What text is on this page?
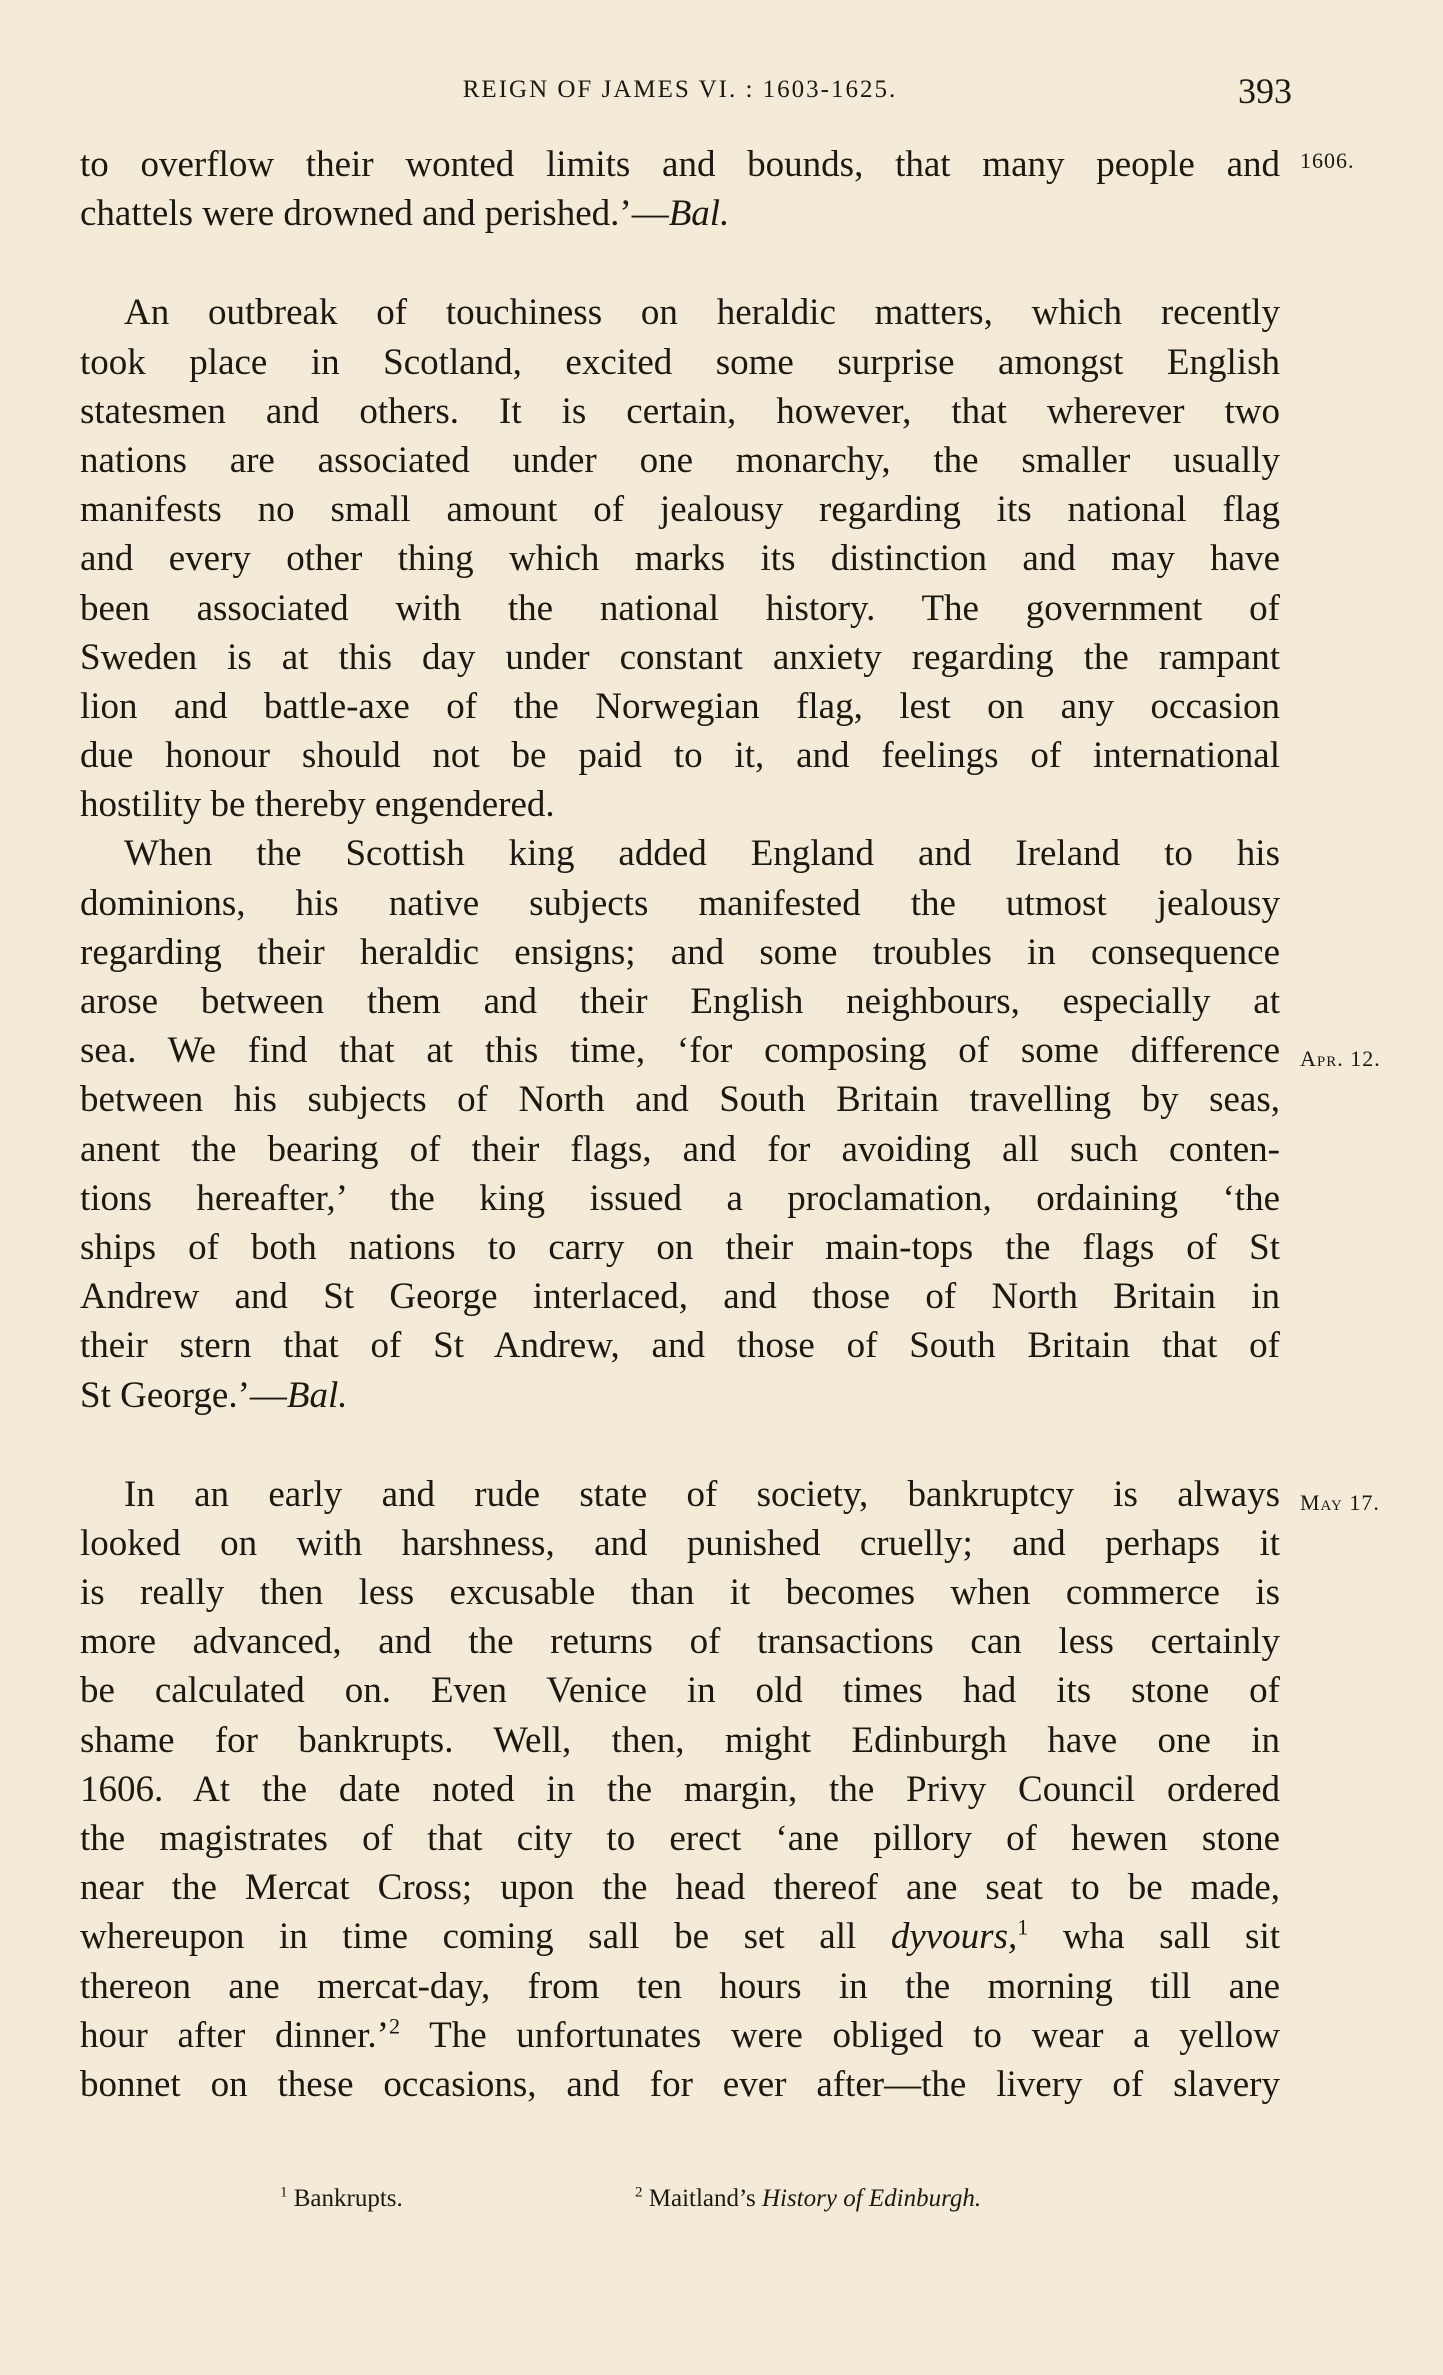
REIGN OF JAMES VI. : 1603-1625.	393
1606.
Apr. 12.
May 17.
to overflow their wonted limits and bounds, that many people and
chattels were drowned and perished.’—Bal.
An outbreak of touchiness on heraldic matters, which recently
took place in Scotland, excited some surprise amongst English
statesmen and others. It is certain, however, that wherever two
nations are associated under one monarchy, the smaller usually
manifests no small amount of jealousy regarding its national flag
and every other thing which marks its distinction and may have
been associated with the national history. The government of
Sweden is at this day under constant anxiety regarding the rampant
lion and battle-axe of the Norwegian flag, lest on any occasion
due honour should not be paid to it, and feelings of international
hostility be thereby engendered.
When the Scottish king added England and Ireland to his
dominions, his native subjects manifested the utmost jealousy
regarding their heraldic ensigns; and some troubles in consequence
arose between them and their English neighbours, especially at
sea. We find that at this time, ‘for composing of some difference
between his subjects of North and South Britain travelling by seas,
anent the bearing of their flags, and for avoiding all such conten-
tions hereafter,’ the king issued a proclamation, ordaining ‘the
ships of both nations to carry on their main-tops the flags of St
Andrew and St George interlaced, and those of North Britain in
their stern that of St Andrew, and those of South Britain that of
St George.’—Bal.
In an early and rude state of society, bankruptcy is always
looked on with harshness, and punished cruelly; and perhaps it
is really then less excusable than it becomes when commerce is
more advanced, and the returns of transactions can less certainly
be calculated on. Even Venice in old times had its stone of
shame for bankrupts. Well, then, might Edinburgh have one in
1606. At the date noted in the margin, the Privy Council ordered
the magistrates of that city to erect ‘ane pillory of hewen stone
near the Mercat Cross; upon the head thereof ane seat to be made,
whereupon in time coming sall be set all dyvours,$^1$ wha sall sit
thereon ane mercat-day, from ten hours in the morning till ane
hour after dinner.’$^2$ The unfortunates were obliged to wear a yellow
bonnet on these occasions, and for ever after—the livery of slavery
$^1$ Bankrupts.	$^2$ Maitland’s History of Edinburgh.
